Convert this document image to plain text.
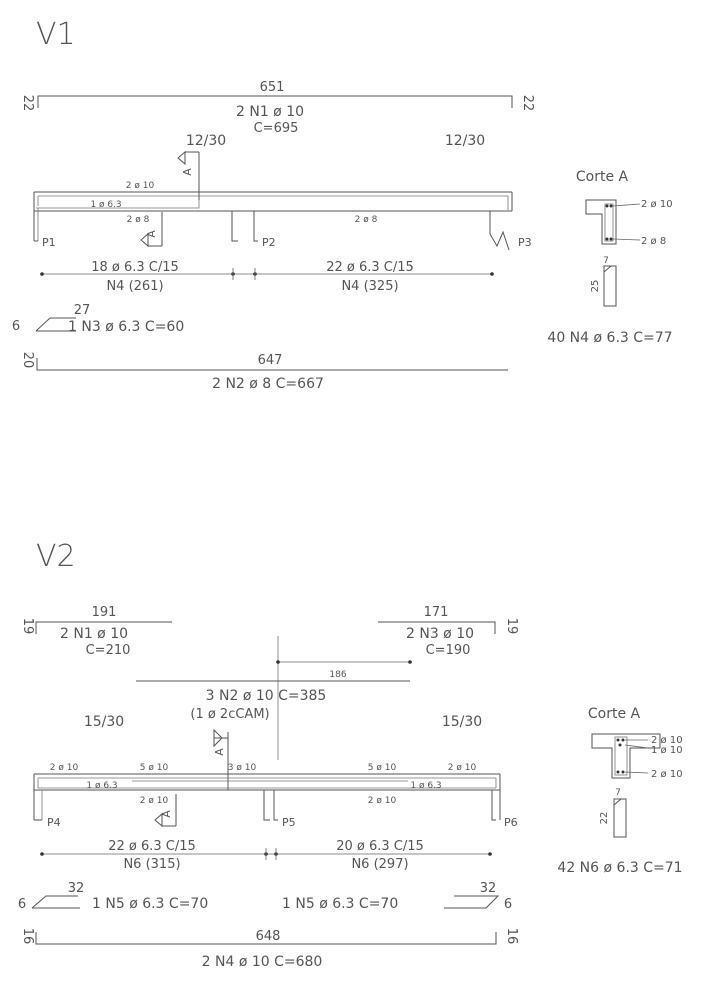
V1
651
22	22
2 N1 ø 10
C=695
12/30	12/30
A
2 ø 10
1 ø 6.3
2 ø 8	2 ø 8
A
P1	P2	P3
18 ø 6.3 C/15
N4 (261)
22 ø 6.3 C/15
N4 (325)
27
6	1 N3 ø 6.3 C=60
20	647
2 N2 ø 8 C=667
Corte A
2 ø 10
2 ø 8
7
25
40 N4 ø 6.3 C=77
V2
19
191
2 N1 ø 10
C=210
19
171
2 N3 ø 10
C=190
186
3 N2 ø 10 C=385
(1 ø 2cCAM)
15/30	15/30
A
2 ø 10	5 ø 10	3 ø 10	5 ø 10	2 ø 10
1 ø 6.3	1 ø 6.3
2 ø 10	2 ø 10
A
P4	P5	P6
22 ø 6.3 C/15
N6 (315)
20 ø 6.3 C/15
N6 (297)
32
6	1 N5 ø 6.3 C=70
32
6
1 N5 ø 6.3 C=70
16	16
648
2 N4 ø 10 C=680
Corte A
2 ø 10
1 ø 10
2 ø 10
7
22
42 N6 ø 6.3 C=71
